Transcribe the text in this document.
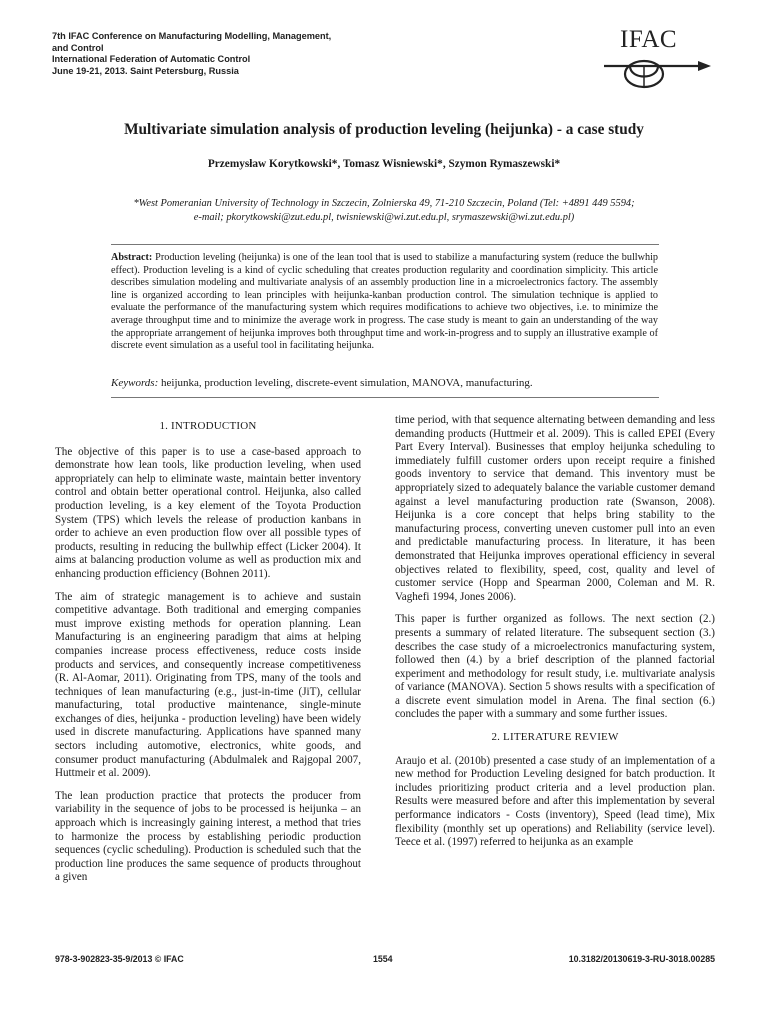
7th IFAC Conference on Manufacturing Modelling, Management,
and Control
International Federation of Automatic Control
June 19-21, 2013. Saint Petersburg, Russia
IFAC
Multivariate simulation analysis of production leveling (heijunka) - a case study
Przemysław Korytkowski*, Tomasz Wisniewski*, Szymon Rymaszewski*
*West Pomeranian University of Technology in Szczecin, Zolnierska 49, 71-210 Szczecin, Poland (Tel: +4891 449 5594;
e-mail; pkorytkowski@zut.edu.pl, twisniewski@wi.zut.edu.pl, srymaszewski@wi.zut.edu.pl)
Abstract: Production leveling (heijunka) is one of the lean tool that is used to stabilize a manufacturing system (reduce the bullwhip effect). Production leveling is a kind of cyclic scheduling that creates production regularity and coordination simplicity. This article describes simulation modeling and multivariate analysis of an assembly production line in a microelectronics factory. The assembly line is organized according to lean principles with heijunka-kanban production control. The simulation technique is applied to evaluate the performance of the manufacturing system which requires modifications to achieve two objectives, i.e. to minimize the average throughput time and to minimize the average work in progress. The case study is meant to gain an understanding of the way the appropriate arrangement of heijunka improves both throughput time and work-in-progress and to supply an illustrative example of discrete event simulation as a useful tool in facilitating heijunka.
Keywords: heijunka, production leveling, discrete-event simulation, MANOVA, manufacturing.
1. INTRODUCTION

The objective of this paper is to use a case-based approach to demonstrate how lean tools, like production leveling, when used appropriately can help to eliminate waste, maintain better inventory control and obtain better operational control. Heijunka, also called production leveling, is a key element of the Toyota Production System (TPS) which levels the release of production kanbans in order to achieve an even production flow over all possible types of products, resulting in reducing the bullwhip effect (Licker 2004). It aims at balancing production volume as well as production mix and enhancing production efficiency (Bohnen 2011).

The aim of strategic management is to achieve and sustain competitive advantage. Both traditional and emerging companies must improve existing methods for operation planning. Lean Manufacturing is an engineering paradigm that aims at helping companies increase process effectiveness, reduce costs inside products and services, and consequently increase competitiveness (R. Al-Aomar, 2011). Originating from TPS, many of the tools and techniques of lean manufacturing (e.g., just-in-time (JiT), cellular manufacturing, total productive maintenance, single-minute exchanges of dies, heijunka - production leveling) have been widely used in discrete manufacturing. Applications have spanned many sectors including automotive, electronics, white goods, and consumer product manufacturing (Abdulmalek and Rajgopal 2007, Huttmeir et al. 2009).

The lean production practice that protects the producer from variability in the sequence of jobs to be processed is heijunka – an approach which is increasingly gaining interest, a method that tries to harmonize the process by establishing periodic production sequences (cyclic scheduling). Production is scheduled such that the production line produces the same sequence of products throughout a given

time period, with that sequence alternating between demanding and less demanding products (Huttmeir et al. 2009). This is called EPEI (Every Part Every Interval). Businesses that employ heijunka scheduling to immediately fulfill customer orders upon receipt require a finished goods inventory to service that demand. This inventory must be appropriately sized to adequately balance the variable customer demand against a level manufacturing production rate (Swanson, 2008). Heijunka is a core concept that helps bring stability to the manufacturing process, converting uneven customer pull into an even and predictable manufacturing process. In literature, it has been demonstrated that Heijunka improves operational efficiency in several objectives related to flexibility, speed, cost, quality and level of customer service (Hopp and Spearman 2000, Coleman and M. R. Vaghefi 1994, Jones 2006).

This paper is further organized as follows. The next section (2.) presents a summary of related literature. The subsequent section (3.) describes the case study of a microelectronics manufacturing system, followed then (4.) by a brief description of the planned factorial experiment and methodology for result study, i.e. multivariate analysis of variance (MANOVA). Section 5 shows results with a specification of a discrete event simulation model in Arena. The final section (6.) concludes the paper with a summary and some further issues.

2. LITERATURE REVIEW

Araujo et al. (2010b) presented a case study of an implementation of a new method for Production Leveling designed for batch production. It includes prioritizing product criteria and a level production plan. Results were measured before and after this implementation by several performance indicators - Costs (inventory), Speed (lead time), Mix flexibility (monthly set up operations) and Reliability (service level). Teece et al. (1997) referred to heijunka as an example

978-3-902823-35-9/2013 © IFAC	1554	10.3182/20130619-3-RU-3018.00285
